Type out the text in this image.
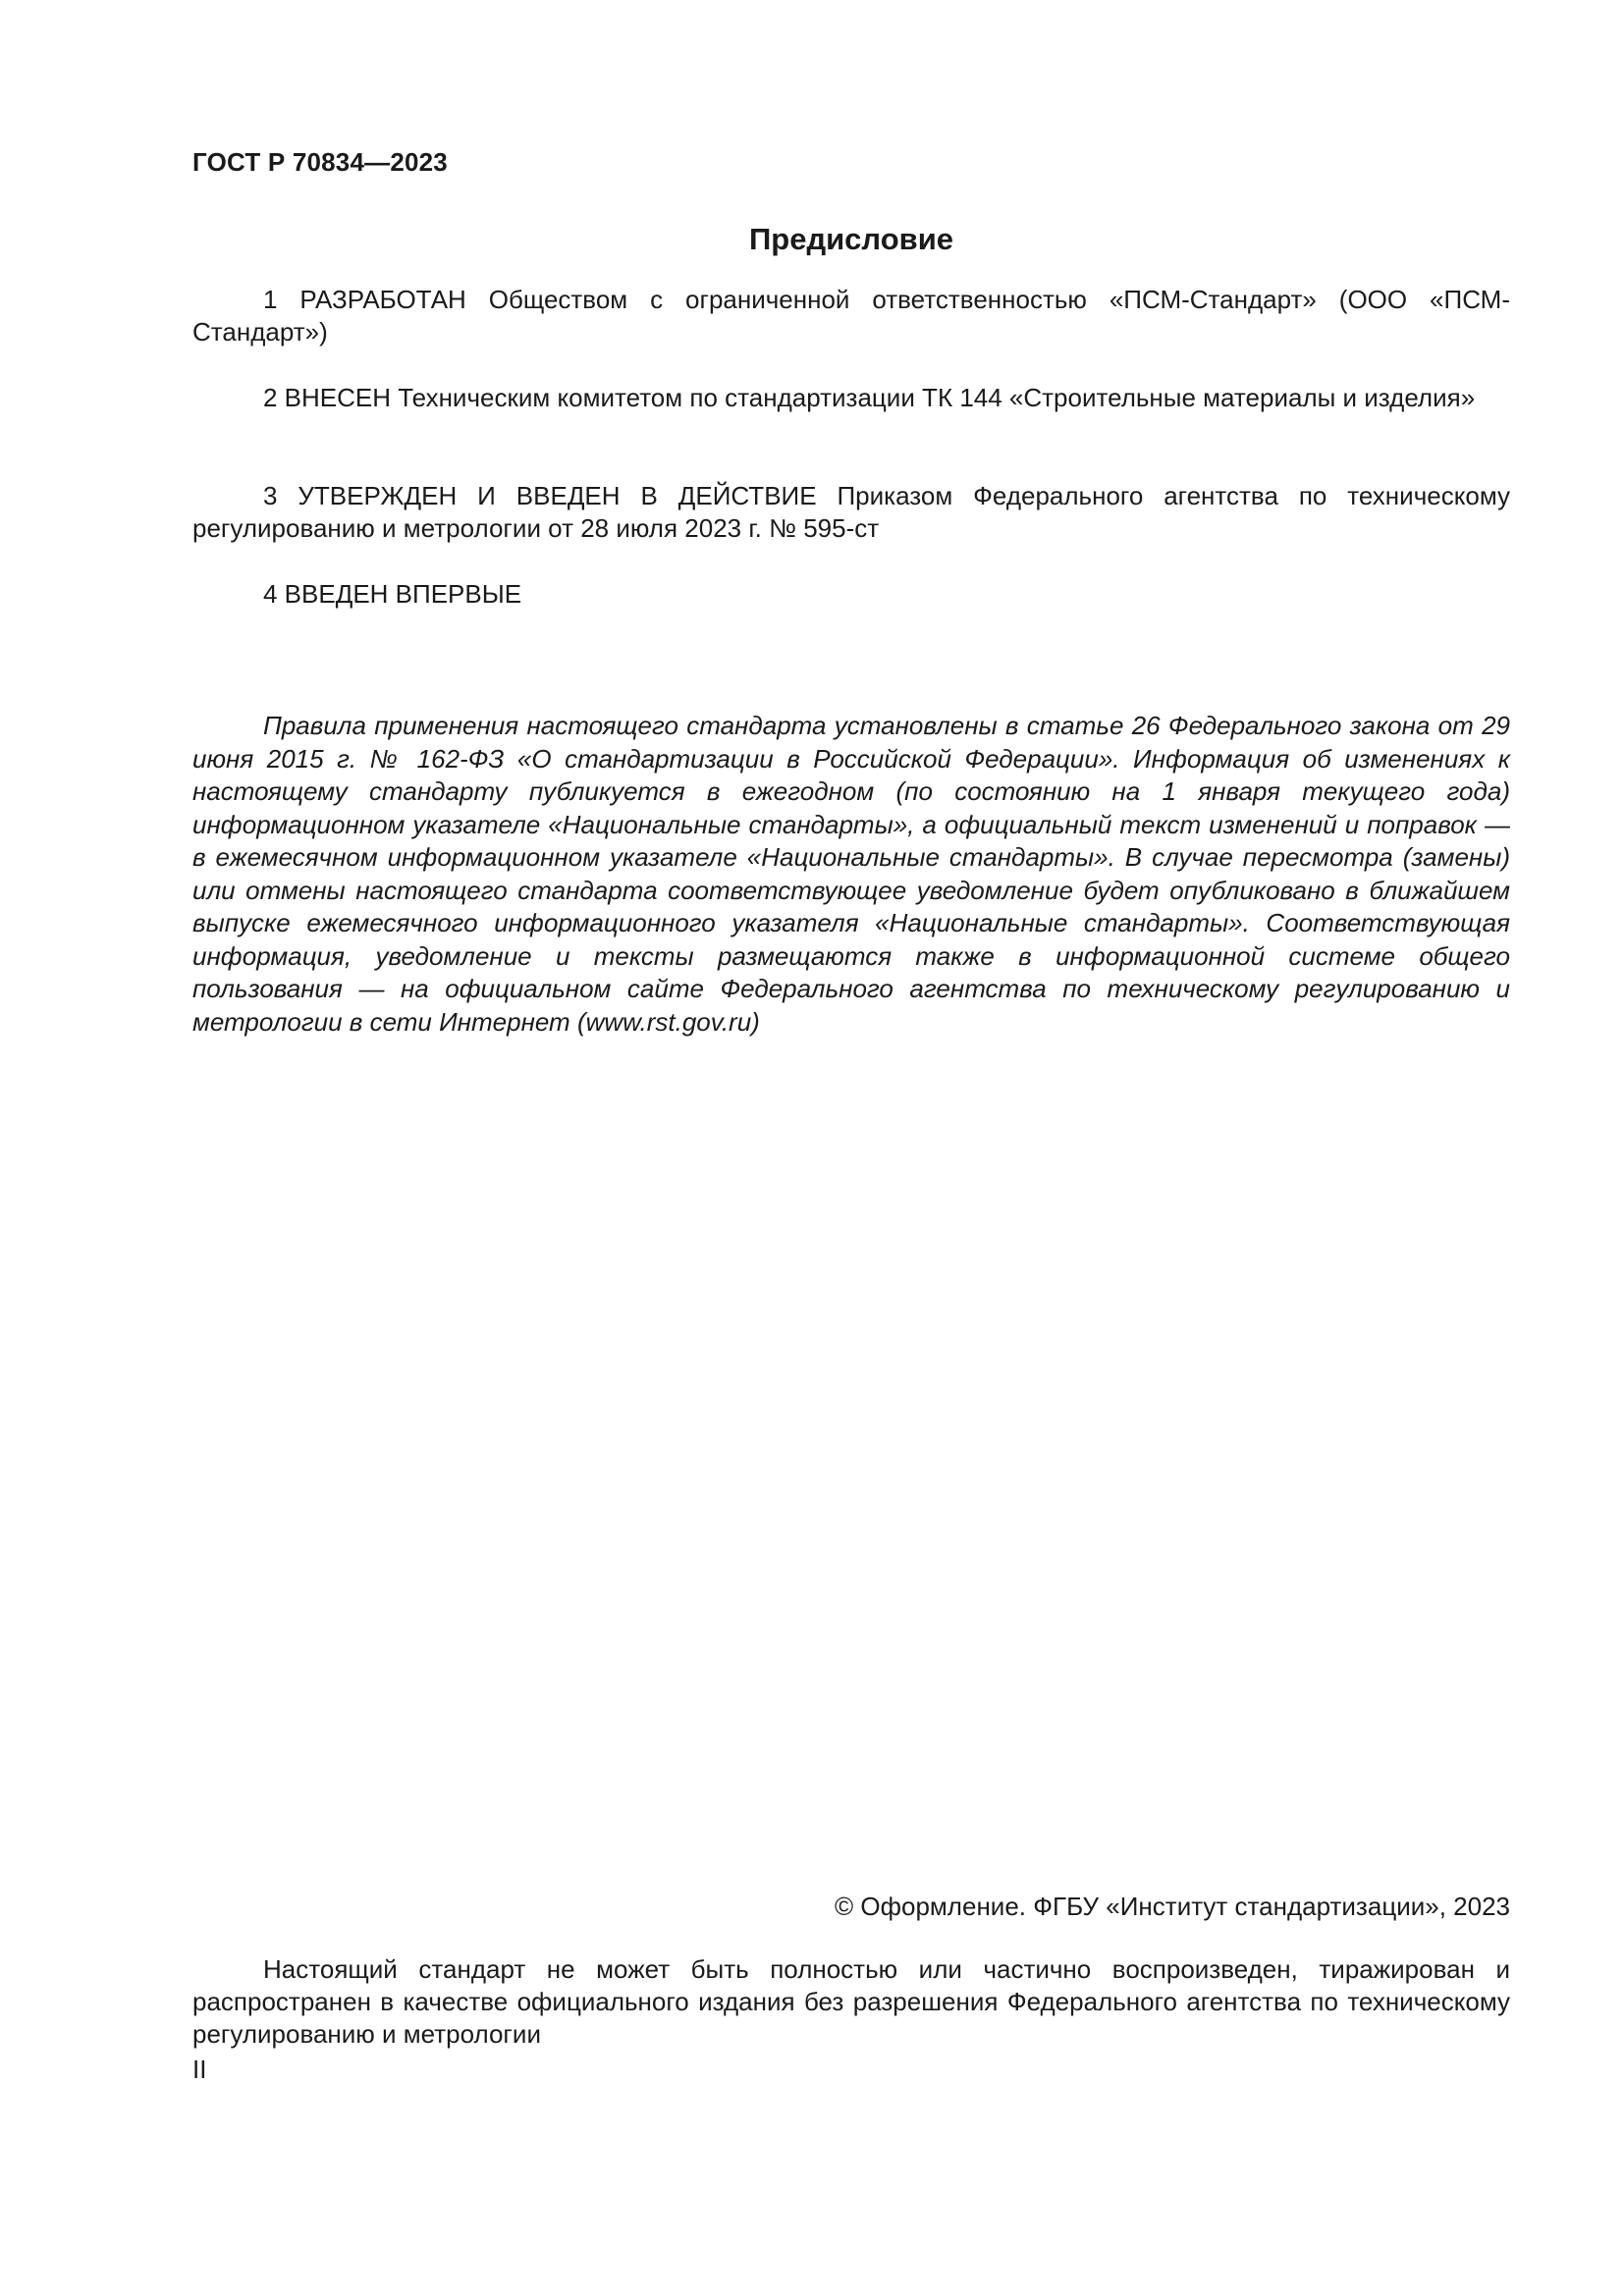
ГОСТ Р 70834—2023
Предисловие

1 РАЗРАБОТАН Обществом с ограниченной ответственностью «ПСМ-Стандарт» (ООО «ПСМ-Стандарт»)

2 ВНЕСЕН Техническим комитетом по стандартизации ТК 144 «Строительные материалы и изделия»

3 УТВЕРЖДЕН И ВВЕДЕН В ДЕЙСТВИЕ Приказом Федерального агентства по техническому регулированию и метрологии от 28 июля 2023 г. № 595-ст

4 ВВЕДЕН ВПЕРВЫЕ

Правила применения настоящего стандарта установлены в статье 26 Федерального закона от 29 июня 2015 г. № 162-ФЗ «О стандартизации в Российской Федерации». Информация об изменениях к настоящему стандарту публикуется в ежегодном (по состоянию на 1 января текущего года) информационном указателе «Национальные стандарты», а официальный текст изменений и поправок — в ежемесячном информационном указателе «Национальные стандарты». В случае пересмотра (замены) или отмены настоящего стандарта соответствующее уведомление будет опубликовано в ближайшем выпуске ежемесячного информационного указателя «Национальные стандарты». Соответствующая информация, уведомление и тексты размещаются также в информационной системе общего пользования — на официальном сайте Федерального агентства по техническому регулированию и метрологии в сети Интернет (www.rst.gov.ru)

© Оформление. ФГБУ «Институт стандартизации», 2023

Настоящий стандарт не может быть полностью или частично воспроизведен, тиражирован и распространен в качестве официального издания без разрешения Федерального агентства по техническому регулированию и метрологии

II
